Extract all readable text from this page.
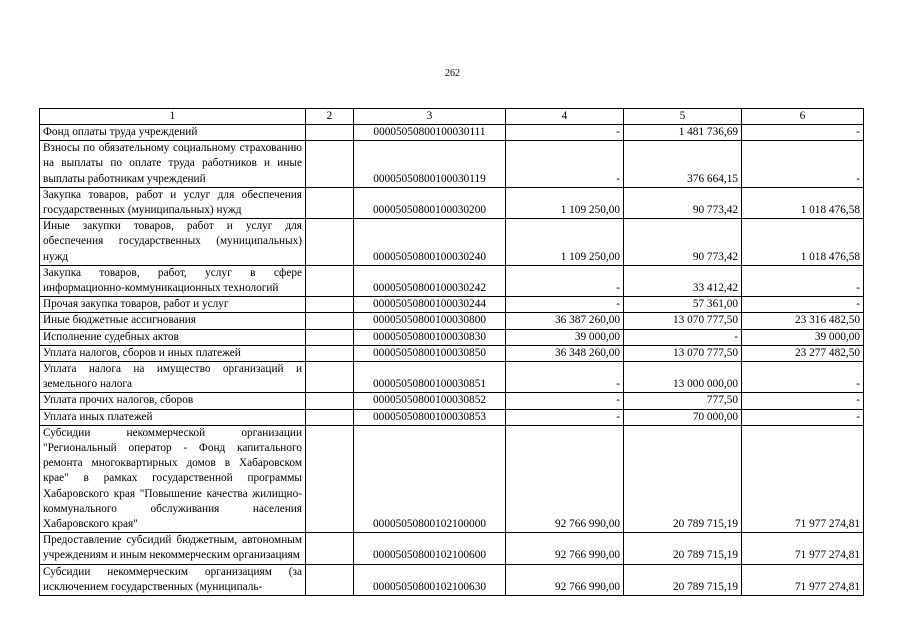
262
1	2	3	4	5	6
Фонд оплаты труда учреждений		00005050800100030111	-	1 481 736,69	-
Взносы по обязательному социальному страхованию на выплаты по оплате труда работников и иные выплаты работникам учреждений		00005050800100030119	-	376 664,15	-
Закупка товаров, работ и услуг для обеспечения государственных (муниципальных) нужд		00005050800100030200	1 109 250,00	90 773,42	1 018 476,58
Иные закупки товаров, работ и услуг для обеспечения государственных (муниципальных) нужд		00005050800100030240	1 109 250,00	90 773,42	1 018 476,58
Закупка товаров, работ, услуг в сфере информационно-коммуникационных технологий		00005050800100030242	-	33 412,42	-
Прочая закупка товаров, работ и услуг		00005050800100030244	-	57 361,00	-
Иные бюджетные ассигнования		00005050800100030800	36 387 260,00	13 070 777,50	23 316 482,50
Исполнение судебных актов		00005050800100030830	39 000,00	-	39 000,00
Уплата налогов, сборов и иных платежей		00005050800100030850	36 348 260,00	13 070 777,50	23 277 482,50
Уплата налога на имущество организаций и земельного налога		00005050800100030851	-	13 000 000,00	-
Уплата прочих налогов, сборов		00005050800100030852	-	777,50	-
Уплата иных платежей		00005050800100030853	-	70 000,00	-
Субсидии некоммерческой организации "Региональный оператор - Фонд капитального ремонта многоквартирных домов в Хабаровском крае" в рамках государственной программы Хабаровского края "Повышение качества жилищно-коммунального обслуживания населения Хабаровского края"		00005050800102100000	92 766 990,00	20 789 715,19	71 977 274,81
Предоставление субсидий бюджетным, автономным учреждениям и иным некоммерческим организациям		00005050800102100600	92 766 990,00	20 789 715,19	71 977 274,81
Субсидии некоммерческим организациям (за исключением государственных (муниципаль-		00005050800102100630	92 766 990,00	20 789 715,19	71 977 274,81
